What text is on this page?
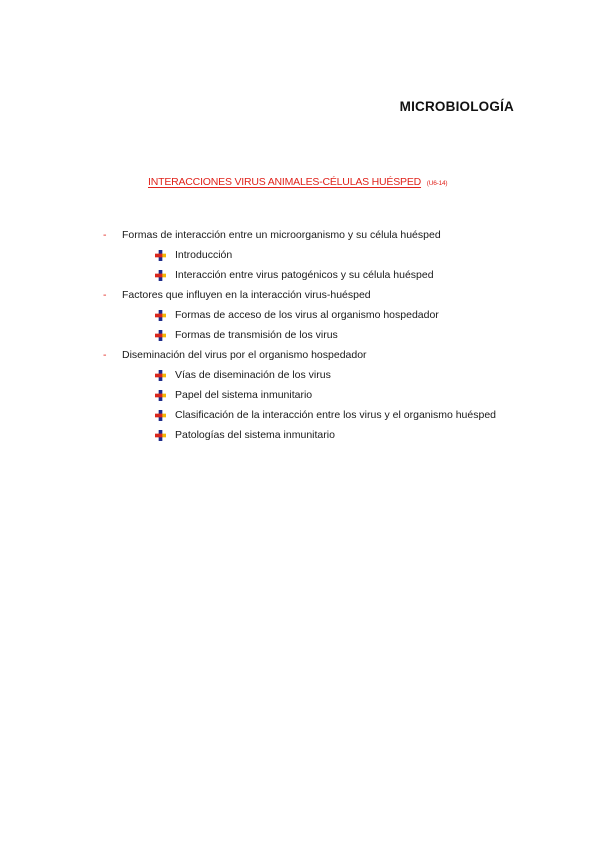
MICROBIOLOGÍA
INTERACCIONES VIRUS ANIMALES-CÉLULAS HUÉSPED (U6-14)
- Formas de interacción entre un microorganismo y su célula huésped
Introducción
Interacción entre virus patogénicos y su célula huésped
- Factores que influyen en la interacción virus-huésped
Formas de acceso de los virus al organismo hospedador
Formas de transmisión de los virus
- Diseminación del virus por el organismo hospedador
Vías de diseminación de los virus
Papel del sistema inmunitario
Clasificación de la interacción entre los virus y el organismo huésped
Patologías del sistema inmunitario
